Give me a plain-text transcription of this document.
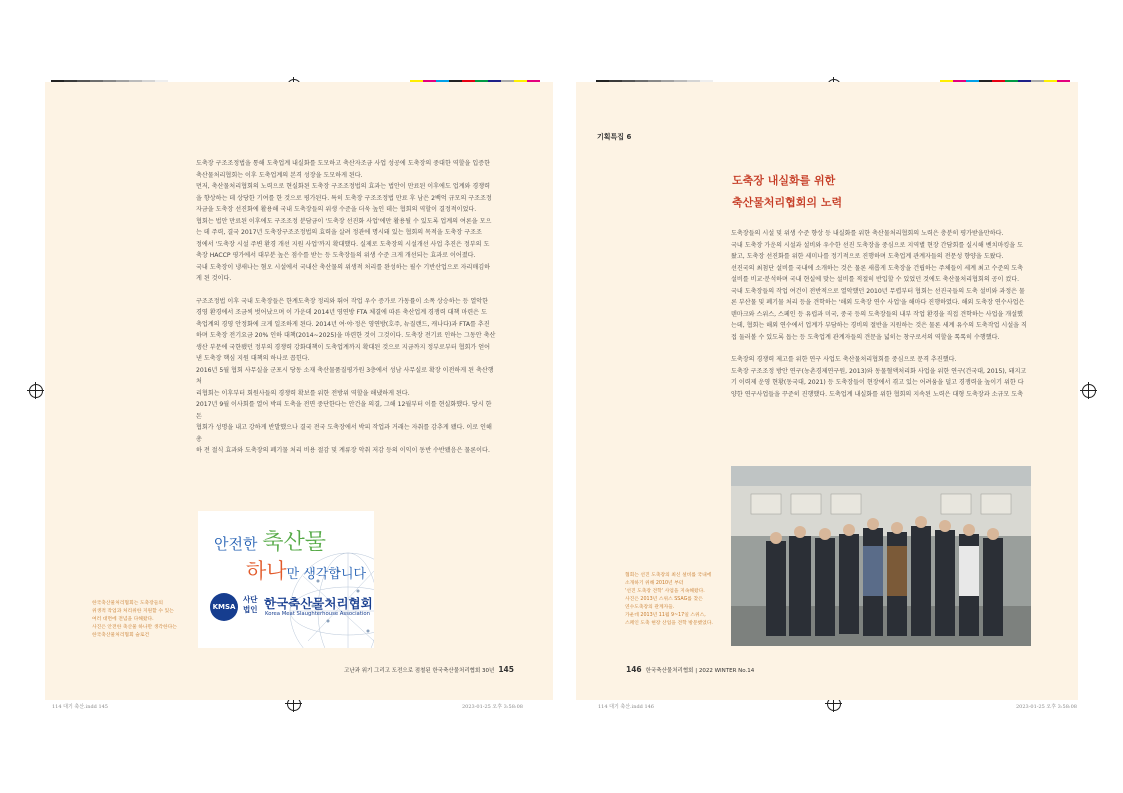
도축장 구조조정법을 통해 도축업계 내실화를 도모하고 축산자조금 사업 성공에 도축장의 중대한 역할을 입증한
축산물처리협회는 이후 도축업계의 본격 성장을 도모하게 된다.
먼저, 축산물처리협회의 노력으로 현실화된 도축장 구조조정법의 효과는 법안이 만료된 이후에도 업계와 경쟁력
을 향상하는 데 상당한 기여를 한 것으로 평가된다. 특히 도축장 구조조정법 만료 후 남은 2백억 규모의 구조조정
자금을 도축장 선진화에 활용해 국내 도축장들의 위생 수준을 더욱 높인 데는 협회의 역할이 결정적이었다.
협회는 법안 만료된 이후에도 구조조정 분담금이 '도축장 선진화 사업'에만 활용될 수 있도록 업계의 여론을 모으
는 데 주력, 결국 2017년 도축장구조조정법의 효력을 살려 정관에 명시돼 있는 협회의 목적을 도축장 구조조
정에서 '도축장 시설 주변 환경 개선 지원 사업'까지 확대했다. 실제로 도축장의 시설개선 사업 추진은 정부의 도
축장 HACCP 평가에서 대부분 높은 점수를 받는 등 도축장들의 위생 수준 크게 개선되는 효과로 이어졌다.
국내 도축장이 냉새나는 혐오 시설에서 국내산 축산물의 위생적 처리를 완성하는 필수 기반산업으로 자리매김하
게 된 것이다.

구조조정법 이후 국내 도축장들은 한계도축장 정리와 뛰어 작업 우수 증가로 가동률이 소폭 상승하는 등 열악한
경영 환경에서 조금씩 벗어났으며 이 가운데 2014년 영연방 FTA 체결에 따른 축산업계 경쟁력 대책 마련은 도
축업계의 경영 안정화에 크게 일조하게 된다. 2014년 여·야·정은 영연방(호주, 뉴질랜드, 캐나다)과 FTA를 추진
하며 도축장 전기요금 20% 인하 대책(2014~2025)을 마련한 것이 그것이다. 도축장 전기료 인하는 그동안 축산
생산 부문에 국한됐던 정부의 경쟁력 강화대책이 도축업계까지 확대된 것으로 지금까지 정부로부터 협회가 얻어
낸 도축장 핵심 지원 대책의 하나로 꼽힌다.
2016년 5월 협회 사무실을 군포시 당동 소재 축산물품질평가원 3층에서 성남 사무실로 확장 이전하게 된 축산행처
리협회는 이후부터 회원사들의 경쟁력 확보를 위한 전방위 역할을 해냈하게 된다.
2017년 9월 이사회를 열어 박피 도축을 전면 중단한다는 안건을 의결, 그해 12월부터 이를 현실화했다. 당시 한돈
협회가 성명을 내고 강하게 반발했으나 결국 전국 도축장에서 박피 작업과 거래는 자취를 감추게 됐다. 이로 인해 총
하 전 절식 효과와 도축장의 폐기물 처리 비용 절감 및 계류장 악취 저감 등의 이익이 동반 수반됐음은 물론이다.

안전한 축산물
하나만 생각합니다
KMSA
사단
법인 한국축산물처리협회
Korea Meat Slaughterhouse Association
한국축산물처리협회는 도축장들의
위생적 작업과 처리위한 지원할 수 있는
여러 대면에 전념을 다해왔다.
사진은 안전한 축산물 하나만 생각한다는
한국축산물처리협회 슬로건
고난과 위기 그리고 도전으로 점철된 한국축산물처리협회 30년 145
114 대기 축산.indd 145	2023-01-25 오후 3:58:08
기획특집 6
도축장 내실화를 위한
축산물처리협회의 노력

도축장들의 시설 및 위생 수준 향상 등 내실화를 위한 축산물처리협회의 노력은 충분히 평가받을만하다.
국내 도축장 가운의 시설과 설비와 우수한 선진 도축장을 중심으로 지역별 현장 간담회를 실시해 벤치마킹을 도
왔고, 도축장 선진화를 위한 세미나를 정기적으로 진행하며 도축업계 관계자들의 전문성 향양을 도왔다.
선진국의 최첨단 설비를 국내에 소개하는 것은 물론 새롭게 도축장을 건립하는 주체들이 세계 최고 수준의 도축
설비를 비교·분석하며 국내 현실에 맞는 설비를 적절히 반입할 수 있었던 것에도 축산물처리협회의 공이 컸다.
국내 도축장들의 작업 여건이 전반적으로 열악했던 2010년 무렵부터 협회는 선진국들의 도축 설비와 과정은 물
론 부산물 및 폐기물 처리 등을 견학하는 '해외 도축장 연수 사업'을 해마다 진행하였다. 해외 도축장 연수사업은
덴마크와 스위스, 스페인 등 유럽과 미국, 중국 등의 도축장들의 내부 작업 환경을 직접 견학하는 사업을 개설했
는데, 협회는 해외 연수에서 업계가 부담하는 경비의 절반을 지원하는 것은 물론 세계 유수의 도축작업 시설을 직
접 둘러볼 수 있도록 돕는 등 도축업계 관계자들의 견문을 넓히는 창구로서의 역할을 톡톡히 수행했다.

도축장의 경쟁력 제고를 위한 연구 사업도 축산물처리협회를 중심으로 문격 추진했다.
도축장 구조조정 방안 연구(농촌경제연구원, 2013)와 동물혈액처리화 사업을 위한 연구(건국대, 2015), 돼지고
기 이력제 운영 현황(동국대, 2021) 등 도축장들이 현장에서 겪고 있는 어려움을 덜고 경쟁력을 높이기 위한 다
양한 연구사업들을 꾸준히 진행했다. 도축업계 내실화를 위한 협회의 지속된 노력은 대형 도축장과 소규모 도축

협회는 선진 도축장의 최신 설비를 국내에
소개하기 위해 2010년 부터
'선진 도축장 견학' 사업을 지속해왔다.
사진은 2013년 스위스 SSAG를 찾은
연수도축장의 관계자들.
가운데 2013년 11월 9~17일 스위스,
스페인 도축 현장 산업을 견학 방문했었다.
146 한국축산물처리협회 | 2022 WINTER No.14
114 대기 축산.indd 146	2023-01-25 오후 3:58:08
